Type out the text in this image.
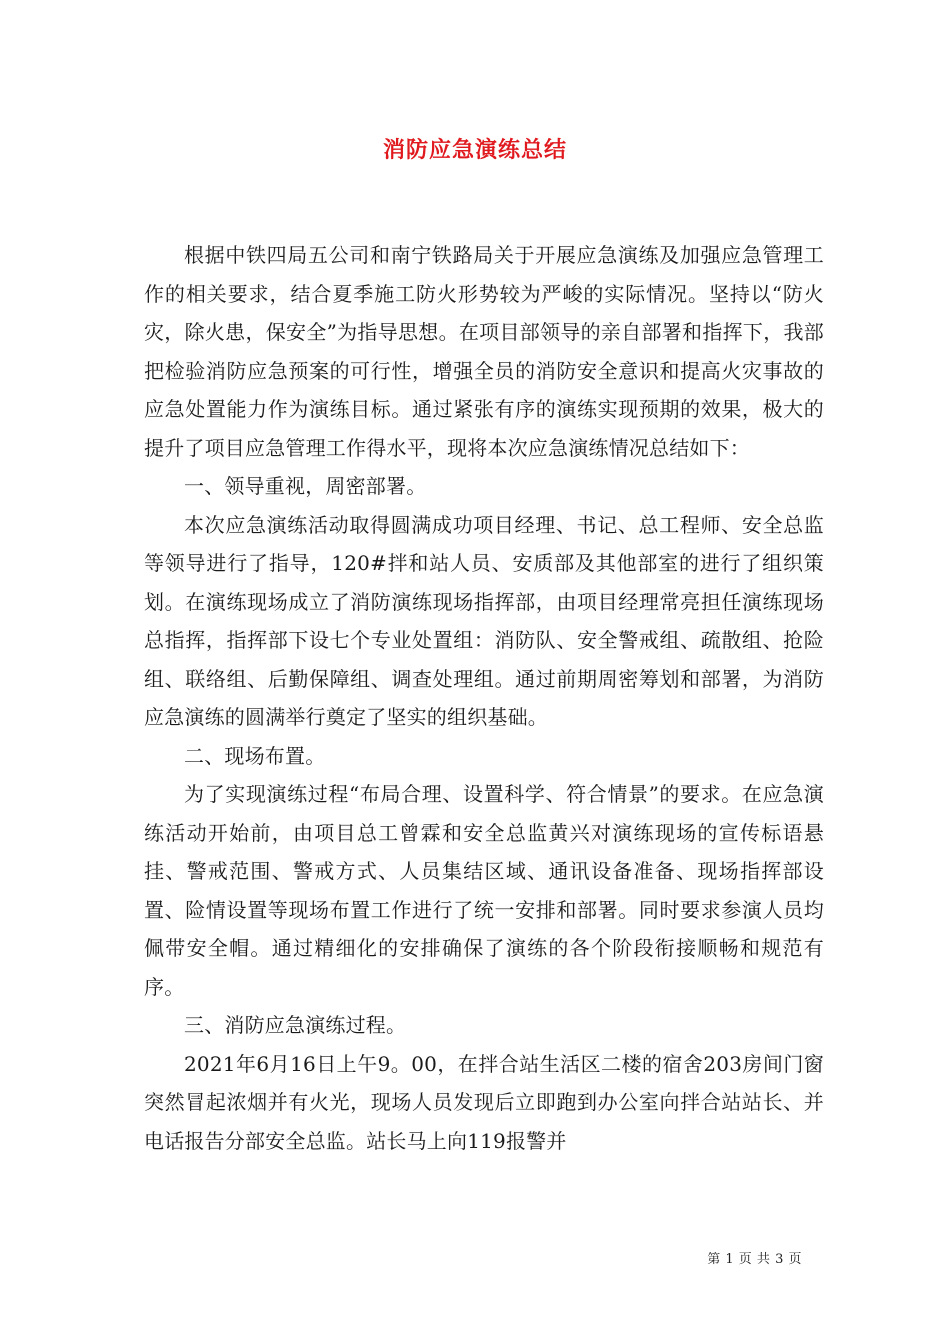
消防应急演练总结

根据中铁四局五公司和南宁铁路局关于开展应急演练及加强应急管理工作的相关要求，结合夏季施工防火形势较为严峻的实际情况。坚持以“防火灾，除火患，保安全”为指导思想。在项目部领导的亲自部署和指挥下，我部把检验消防应急预案的可行性，增强全员的消防安全意识和提高火灾事故的应急处置能力作为演练目标。通过紧张有序的演练实现预期的效果，极大的提升了项目应急管理工作得水平，现将本次应急演练情况总结如下：

一、领导重视，周密部署。

本次应急演练活动取得圆满成功项目经理、书记、总工程师、安全总监等领导进行了指导，120#拌和站人员、安质部及其他部室的进行了组织策划。在演练现场成立了消防演练现场指挥部，由项目经理常亮担任演练现场总指挥，指挥部下设七个专业处置组：消防队、安全警戒组、疏散组、抢险组、联络组、后勤保障组、调查处理组。通过前期周密筹划和部署，为消防应急演练的圆满举行奠定了坚实的组织基础。

二、现场布置。

为了实现演练过程“布局合理、设置科学、符合情景”的要求。在应急演练活动开始前，由项目总工曾霖和安全总监黄兴对演练现场的宣传标语悬挂、警戒范围、警戒方式、人员集结区域、通讯设备准备、现场指挥部设置、险情设置等现场布置工作进行了统一安排和部署。同时要求参演人员均佩带安全帽。通过精细化的安排确保了演练的各个阶段衔接顺畅和规范有序。

三、消防应急演练过程。

2021年6月16日上午9。00，在拌合站生活区二楼的宿舍203房间门窗突然冒起浓烟并有火光，现场人员发现后立即跑到办公室向拌合站站长、并电话报告分部安全总监。站长马上向119报警并

第 1 页 共 3 页
